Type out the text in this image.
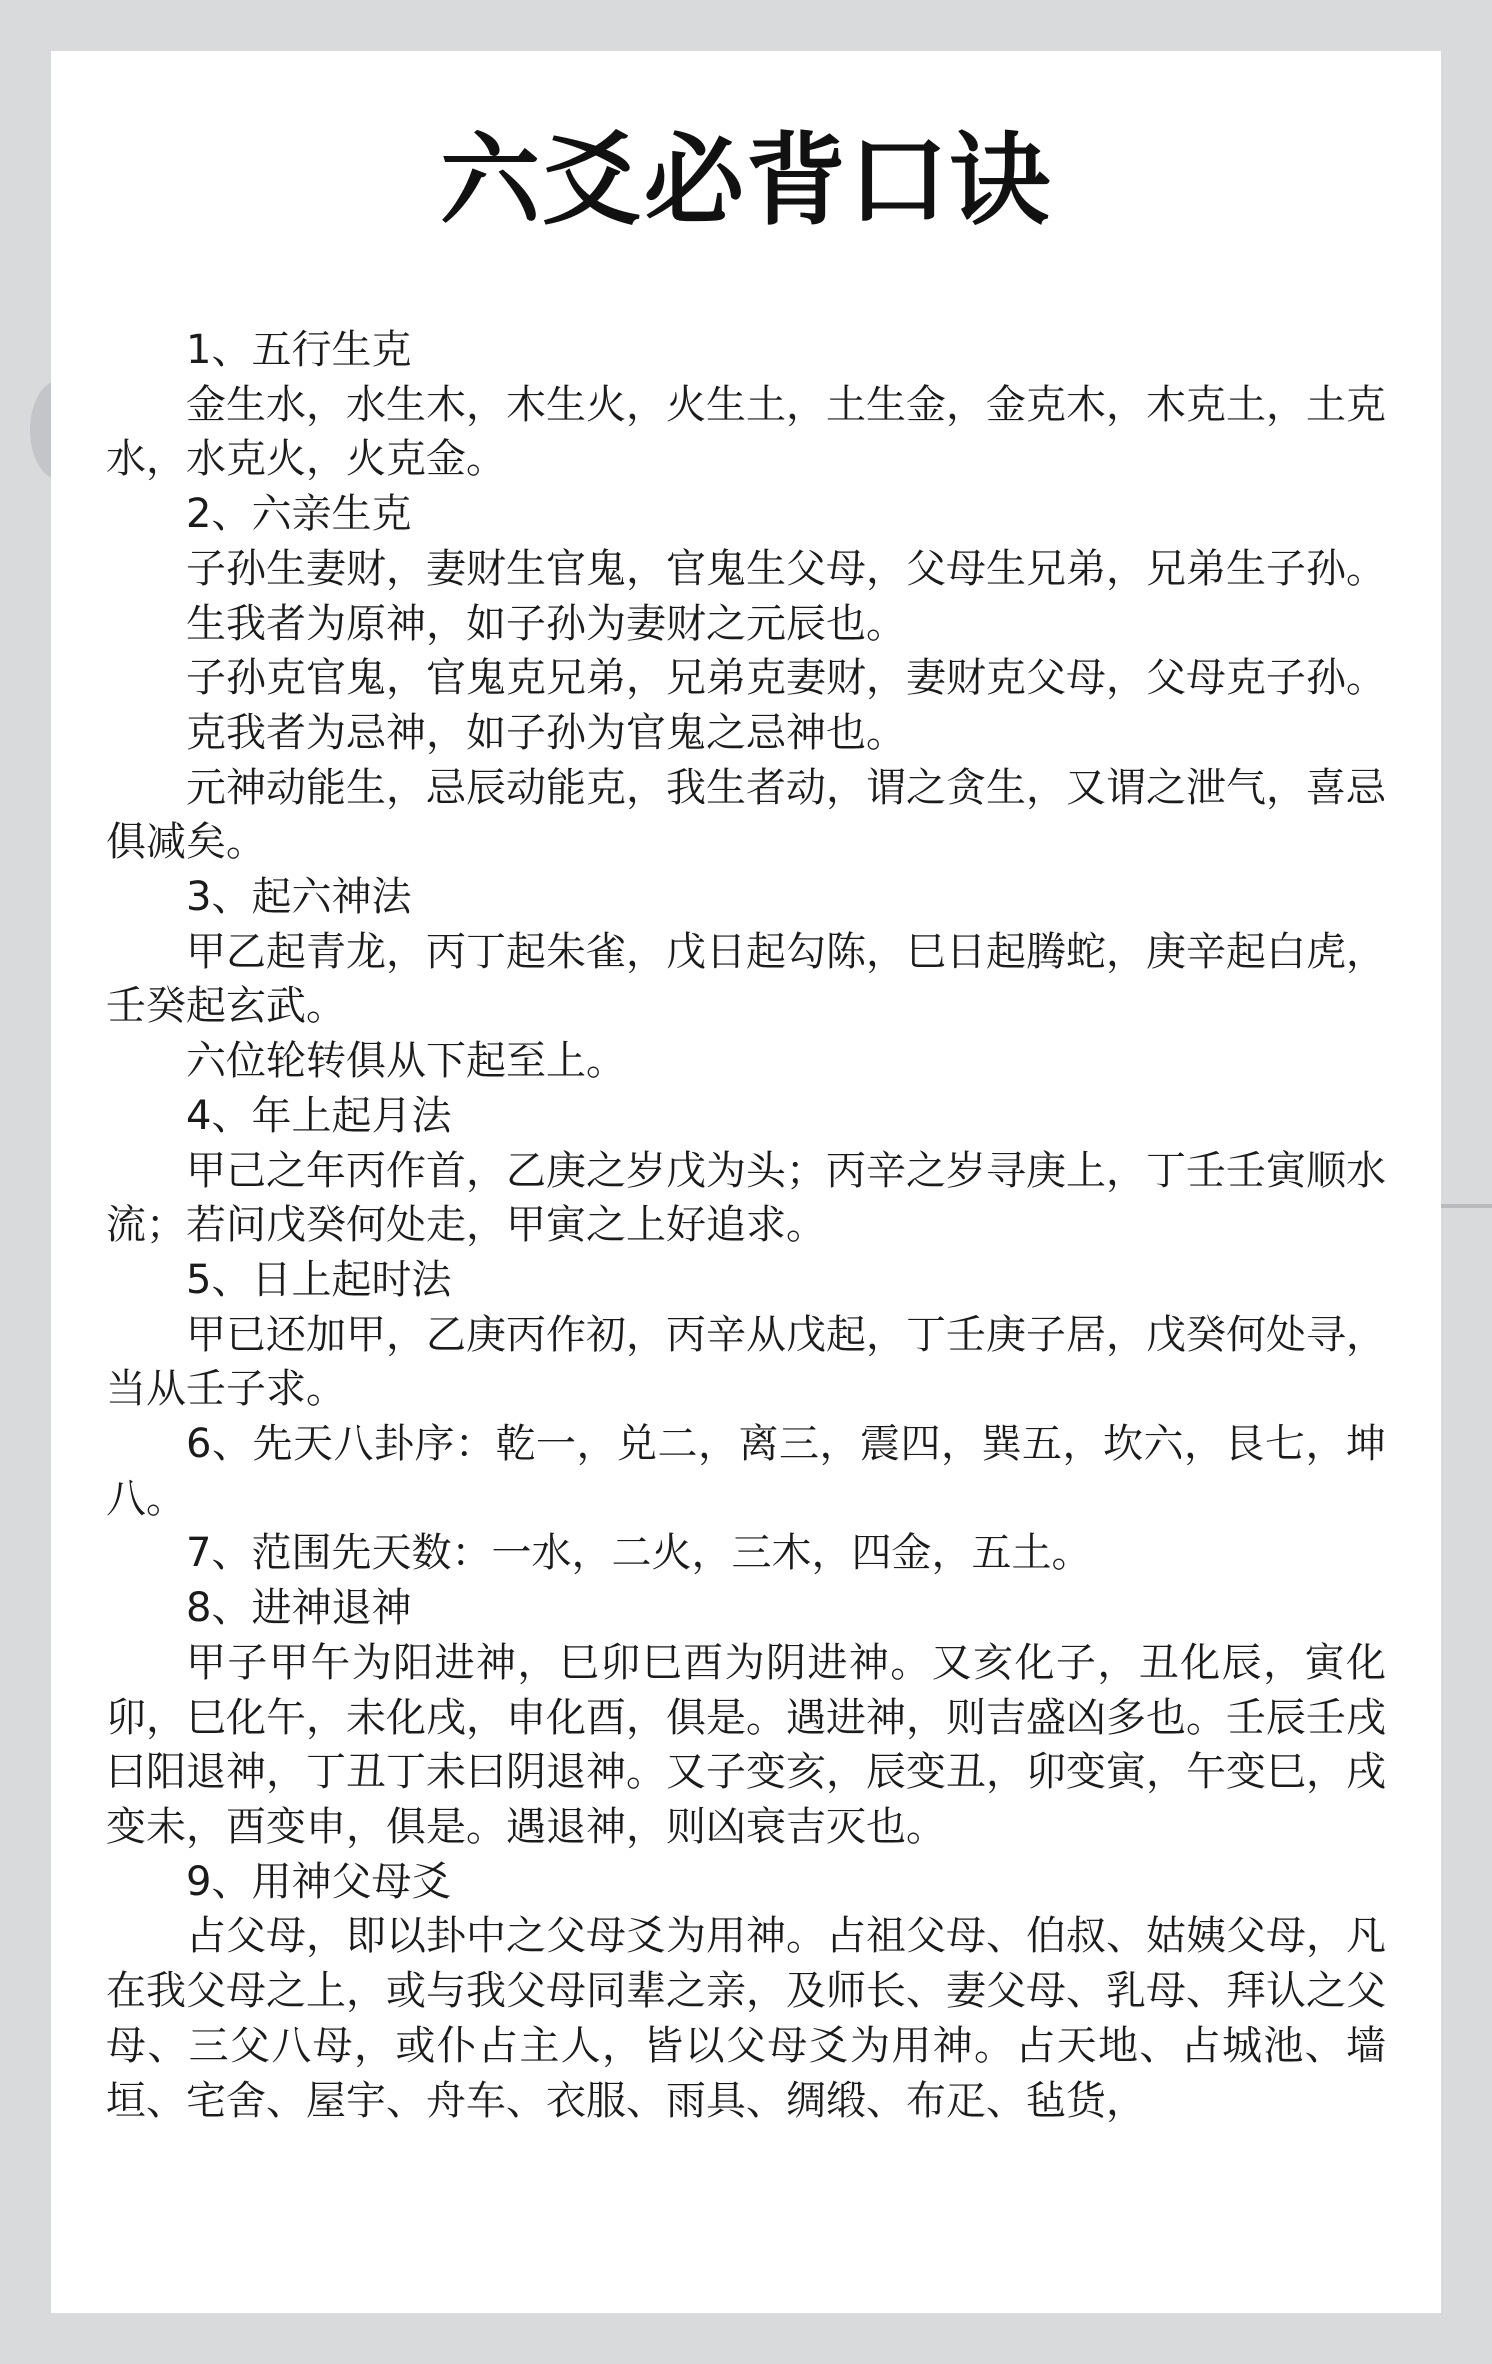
六爻必背口诀

1、五行生克

金生水，水生木，木生火，火生土，土生金，金克木，木克土，土克水，水克火，火克金。

2、六亲生克

子孙生妻财，妻财生官鬼，官鬼生父母，父母生兄弟，兄弟生子孙。

生我者为原神，如子孙为妻财之元辰也。

子孙克官鬼，官鬼克兄弟，兄弟克妻财，妻财克父母，父母克子孙。

克我者为忌神，如子孙为官鬼之忌神也。

元神动能生，忌辰动能克，我生者动，谓之贪生，又谓之泄气，喜忌俱减矣。

3、起六神法

甲乙起青龙，丙丁起朱雀，戊日起勾陈，巳日起腾蛇，庚辛起白虎，壬癸起玄武。

六位轮转俱从下起至上。

4、年上起月法

甲己之年丙作首，乙庚之岁戊为头；丙辛之岁寻庚上，丁壬壬寅顺水流；若问戊癸何处走，甲寅之上好追求。

5、日上起时法

甲已还加甲，乙庚丙作初，丙辛从戊起，丁壬庚子居，戊癸何处寻，当从壬子求。

6、先天八卦序：乾一，兑二，离三，震四，巽五，坎六，艮七，坤八。

7、范围先天数：一水，二火，三木，四金，五土。

8、进神退神

甲子甲午为阳进神，巳卯巳酉为阴进神。又亥化子，丑化辰，寅化卯，巳化午，未化戌，申化酉，俱是。遇进神，则吉盛凶多也。壬辰壬戌曰阳退神，丁丑丁未曰阴退神。又子变亥，辰变丑，卯变寅，午变巳，戌变未，酉变申，俱是。遇退神，则凶衰吉灭也。

9、用神父母爻

占父母，即以卦中之父母爻为用神。占祖父母、伯叔、姑姨父母，凡在我父母之上，或与我父母同辈之亲，及师长、妻父母、乳母、拜认之父母、三父八母，或仆占主人，皆以父母爻为用神。占天地、占城池、墙垣、宅舍、屋宇、舟车、衣服、雨具、绸缎、布疋、毡货，
